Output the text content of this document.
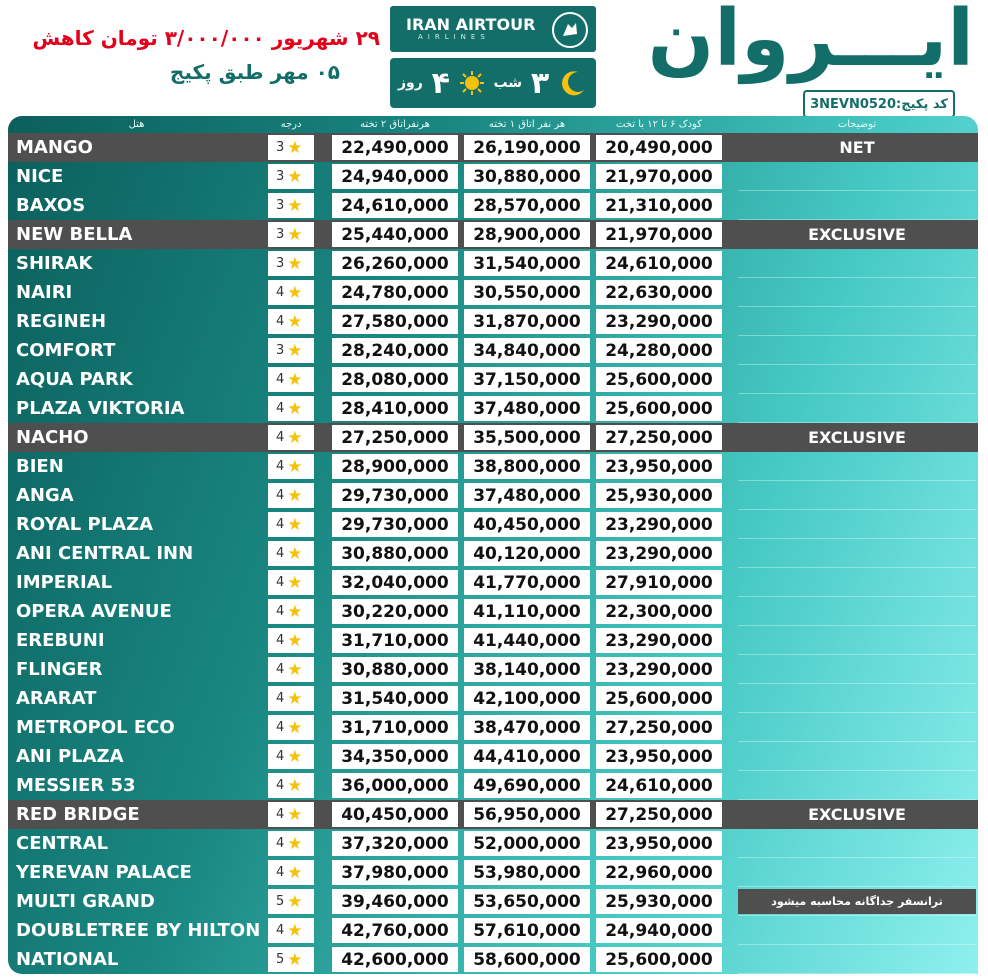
ایـــروان
کد پکیج:3NEVN0520
IRAN AIRTOUR
AIRLINES
روز ۴	شب ۳
۲۹ شهریور ۳/۰۰۰/۰۰۰ تومان کاهش
۰۵ مهر طبق پکیج
هتل	درجه	هرنفراتاق ۲ تخته	هر نفر اتاق ۱ تخته	کودک ۶ تا ۱۲ با تخت	توضیحات
MANGO	3 ★	22,490,000	26,190,000	20,490,000	NET
NICE	3 ★	24,940,000	30,880,000	21,970,000
BAXOS	3 ★	24,610,000	28,570,000	21,310,000
NEW BELLA	3 ★	25,440,000	28,900,000	21,970,000	EXCLUSIVE
SHIRAK	3 ★	26,260,000	31,540,000	24,610,000
NAIRI	4 ★	24,780,000	30,550,000	22,630,000
REGINEH	4 ★	27,580,000	31,870,000	23,290,000
COMFORT	3 ★	28,240,000	34,840,000	24,280,000
AQUA PARK	4 ★	28,080,000	37,150,000	25,600,000
PLAZA VIKTORIA	4 ★	28,410,000	37,480,000	25,600,000
NACHO	4 ★	27,250,000	35,500,000	27,250,000	EXCLUSIVE
BIEN	4 ★	28,900,000	38,800,000	23,950,000
ANGA	4 ★	29,730,000	37,480,000	25,930,000
ROYAL PLAZA	4 ★	29,730,000	40,450,000	23,290,000
ANI CENTRAL INN	4 ★	30,880,000	40,120,000	23,290,000
IMPERIAL	4 ★	32,040,000	41,770,000	27,910,000
OPERA AVENUE	4 ★	30,220,000	41,110,000	22,300,000
EREBUNI	4 ★	31,710,000	41,440,000	23,290,000
FLINGER	4 ★	30,880,000	38,140,000	23,290,000
ARARAT	4 ★	31,540,000	42,100,000	25,600,000
METROPOL ECO	4 ★	31,710,000	38,470,000	27,250,000
ANI PLAZA	4 ★	34,350,000	44,410,000	23,950,000
MESSIER 53	4 ★	36,000,000	49,690,000	24,610,000
RED BRIDGE	4 ★	40,450,000	56,950,000	27,250,000	EXCLUSIVE
CENTRAL	4 ★	37,320,000	52,000,000	23,950,000
YEREVAN PALACE	4 ★	37,980,000	53,980,000	22,960,000
MULTI GRAND	5 ★	39,460,000	53,650,000	25,930,000	ترانسفر جداگانه محاسبه میشود
DOUBLETREE BY HILTON	4 ★	42,760,000	57,610,000	24,940,000
NATIONAL	5 ★	42,600,000	58,600,000	25,600,000
